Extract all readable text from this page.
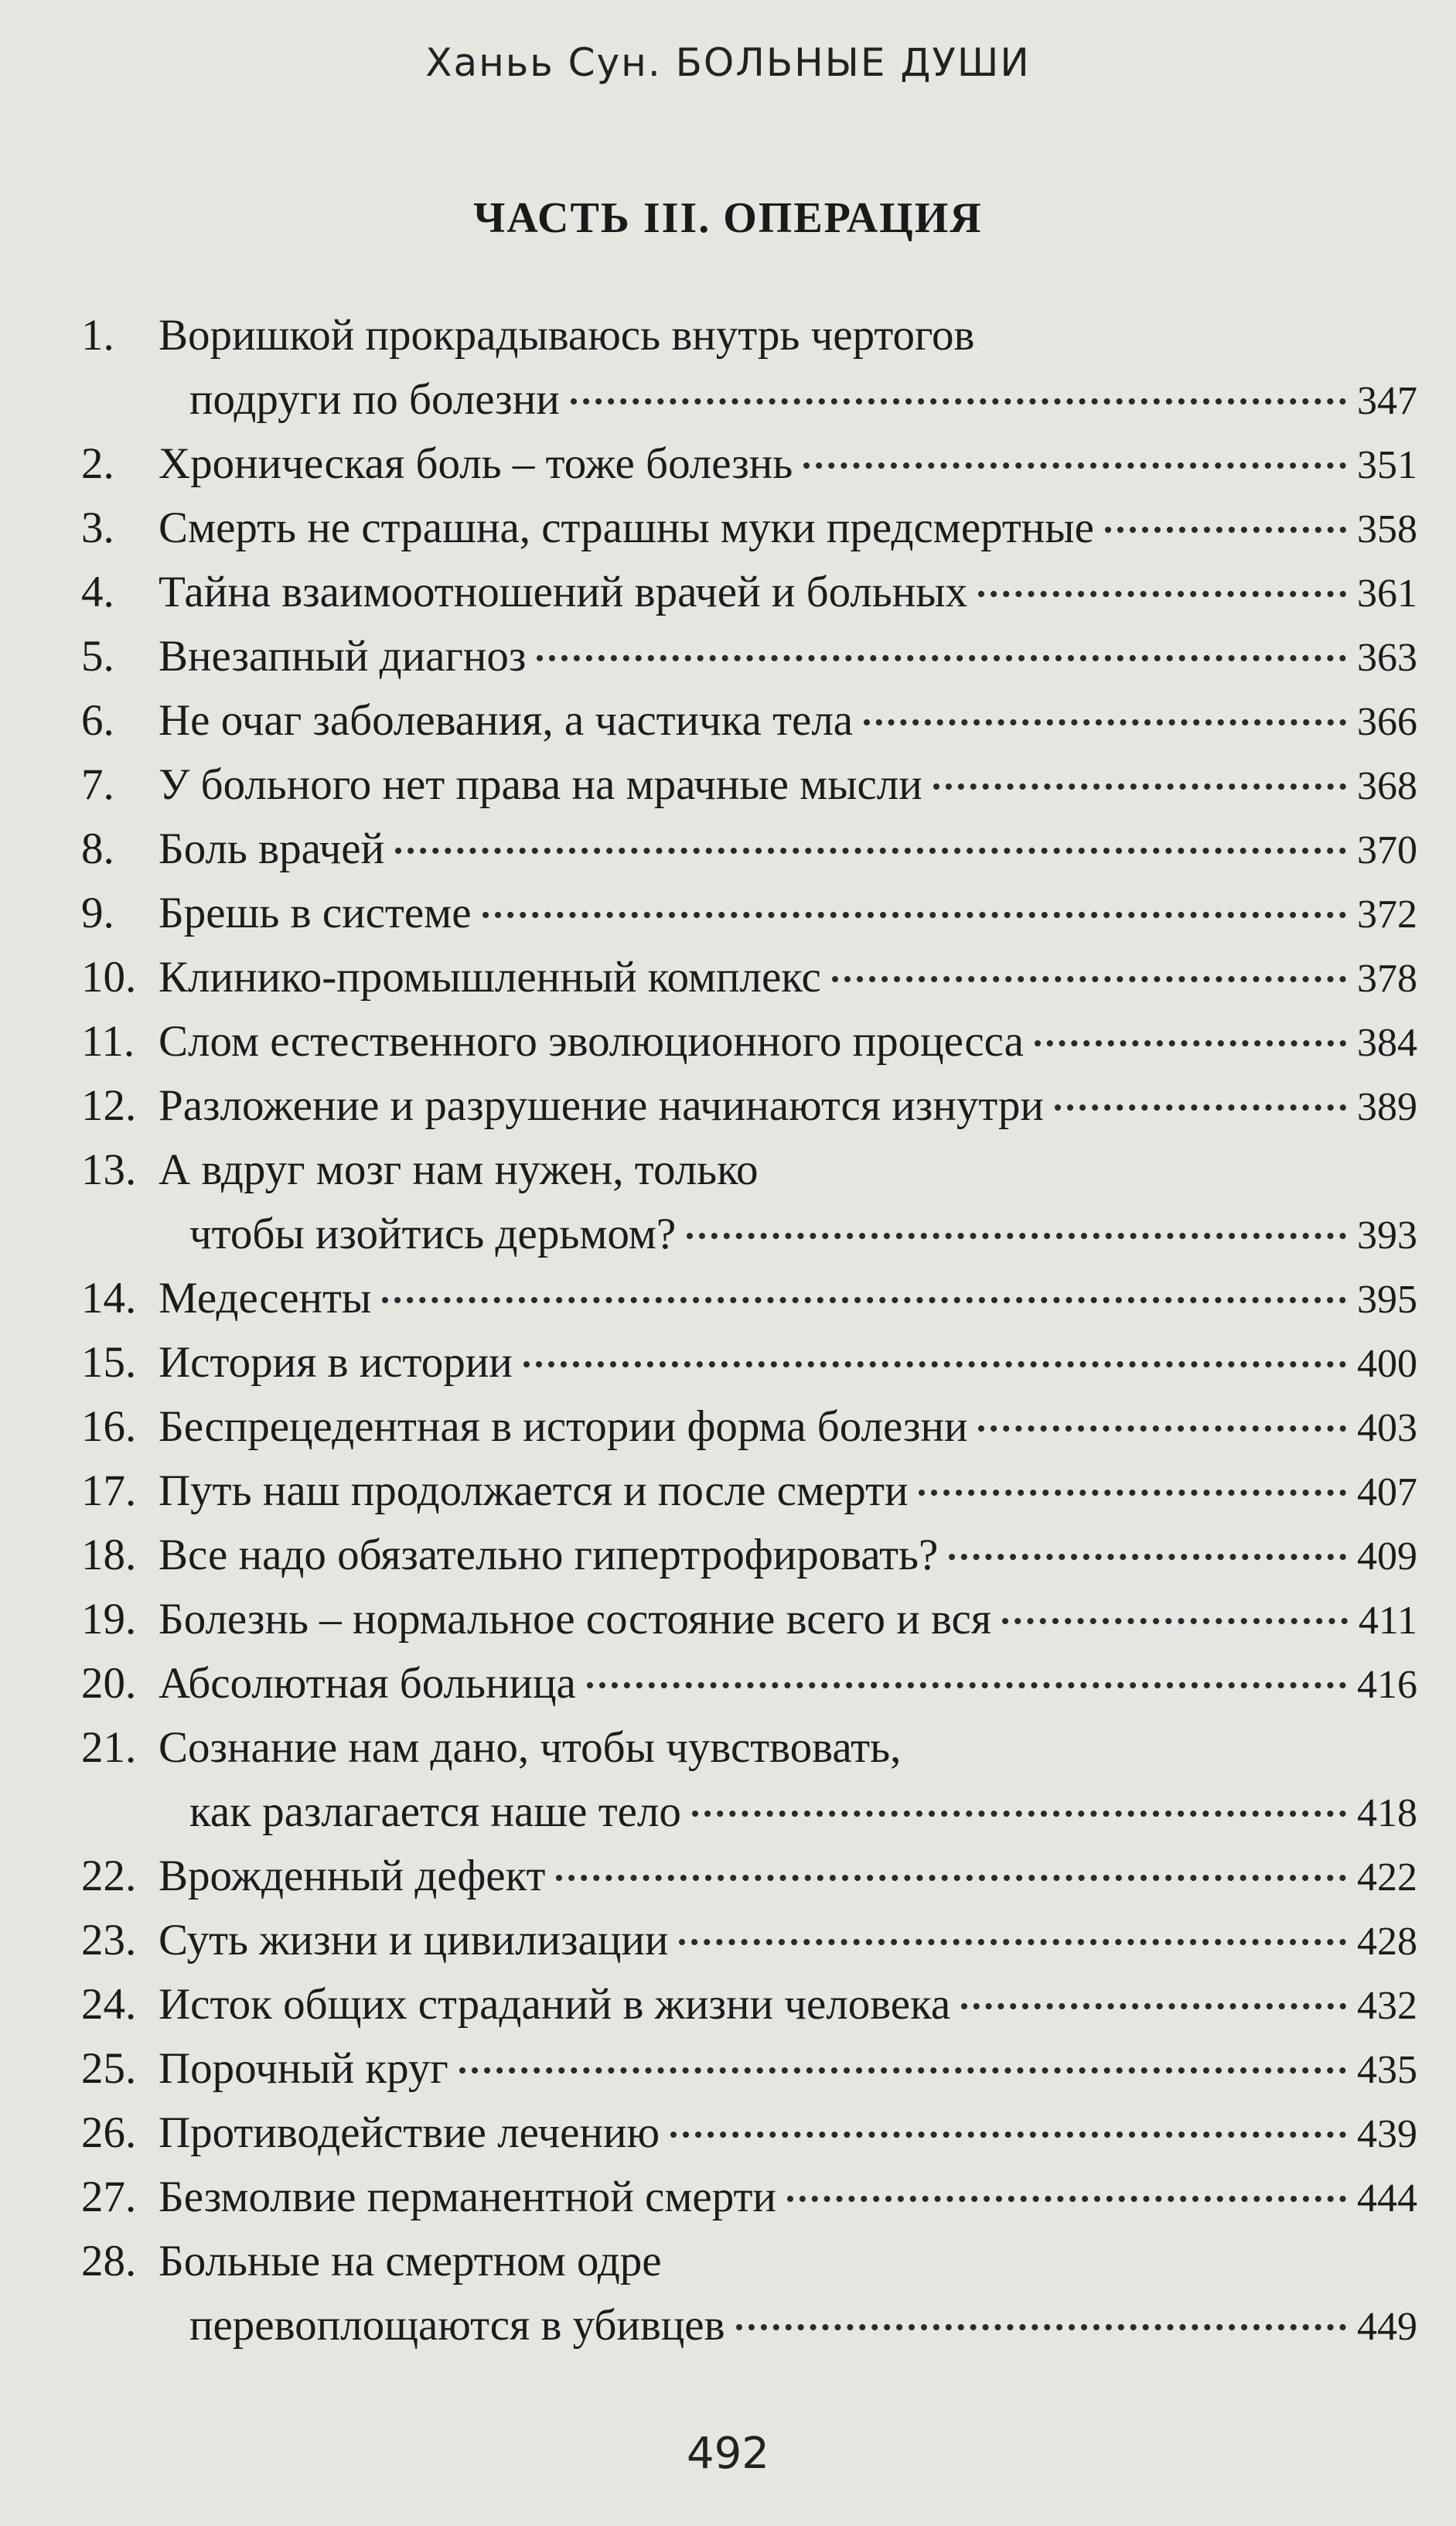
Ханьь Сун. БОЛЬНЫЕ ДУШИ
ЧАСТЬ III. ОПЕРАЦИЯ
1.	Воришкой прокрадываюсь внутрь чертогов
подруги по болезни	347
2.	Хроническая боль – тоже болезнь	351
3.	Смерть не страшна, страшны муки предсмертные	358
4.	Тайна взаимоотношений врачей и больных	361
5.	Внезапный диагноз	363
6.	Не очаг заболевания, а частичка тела	366
7.	У больного нет права на мрачные мысли	368
8.	Боль врачей	370
9.	Брешь в системе	372
10. Клинико-промышленный комплекс	378
11. Слом естественного эволюционного процесса	384
12. Разложение и разрушение начинаются изнутри	389
13. А вдруг мозг нам нужен, только
чтобы изойтись дерьмом?	393
14. Медесенты	395
15. История в истории	400
16. Беспрецедентная в истории форма болезни	403
17. Путь наш продолжается и после смерти	407
18. Все надо обязательно гипертрофировать?	409
19. Болезнь – нормальное состояние всего и вся	411
20. Абсолютная больница	416
21. Сознание нам дано, чтобы чувствовать,
как разлагается наше тело	418
22. Врожденный дефект	422
23. Суть жизни и цивилизации	428
24. Исток общих страданий в жизни человека	432
25. Порочный круг	435
26. Противодействие лечению	439
27. Безмолвие перманентной смерти	444
28. Больные на смертном одре
перевоплощаются в убивцев	449
492
